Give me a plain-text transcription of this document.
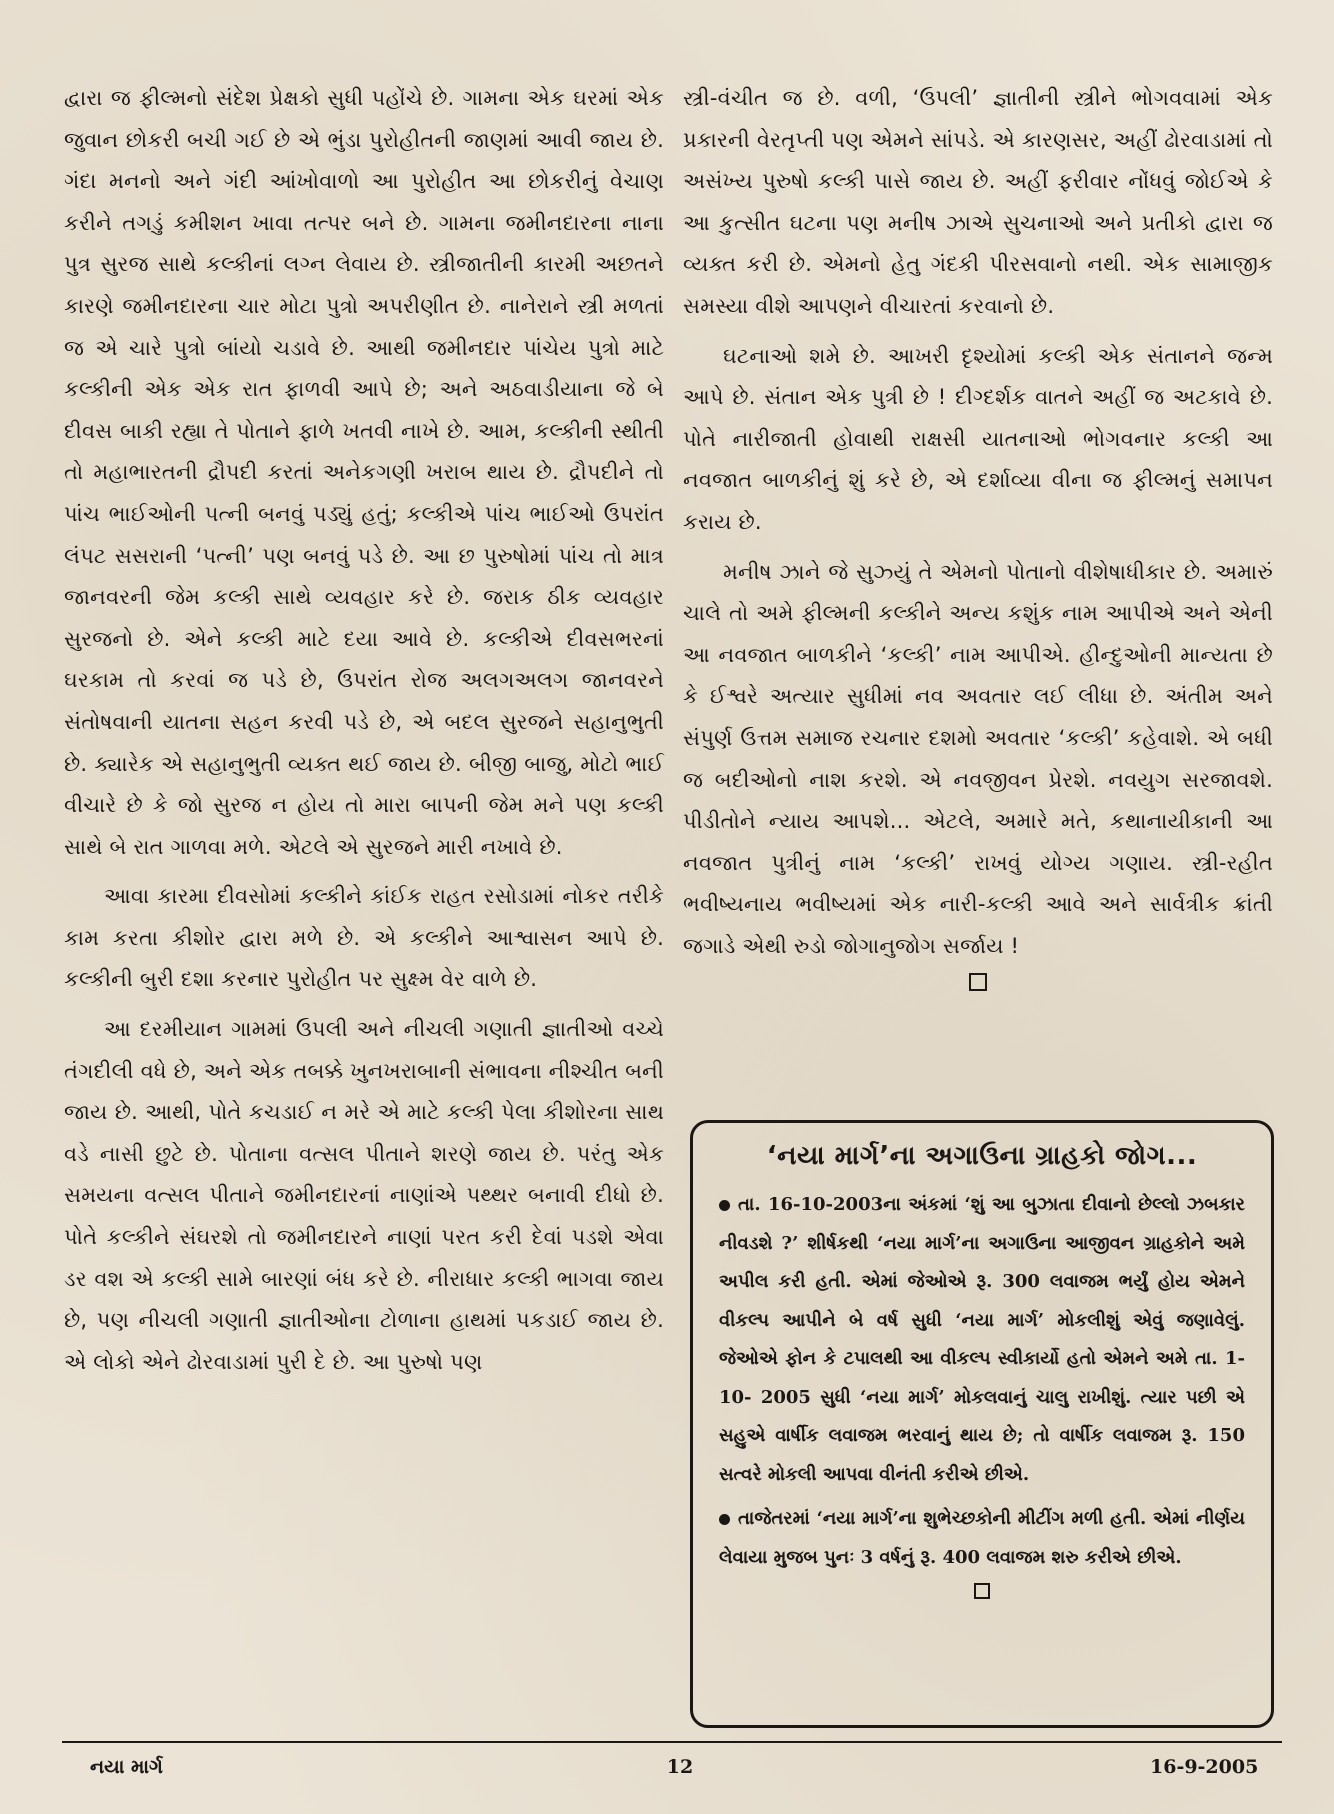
દ્વારા જ ફીલ્મનો સંદેશ પ્રેક્ષકો સુધી પહોંચે છે. ગામના એક ઘરમાં એક જુવાન છોકરી બચી ગઈ છે એ ભુંડા પુરોહીતની જાણમાં આવી જાય છે. ગંદા મનનો અને ગંદી આંખોવાળો આ પુરોહીત આ છોકરીનું વેચાણ કરીને તગડું કમીશન ખાવા તત્પર બને છે. ગામના જમીનદારના નાના પુત્ર સુરજ સાથે કલ્કીનાં લગ્ન લેવાય છે. સ્ત્રીજાતીની કારમી અછતને કારણે જમીનદારના ચાર મોટા પુત્રો અપરીણીત છે. નાનેરાને સ્ત્રી મળતાં જ એ ચારે પુત્રો બાંયો ચડાવે છે. આથી જમીનદાર પાંચેય પુત્રો માટે કલ્કીની એક એક રાત ફાળવી આપે છે; અને અઠવાડીયાના જે બે દીવસ બાકી રહ્યા તે પોતાને ફાળે ખતવી નાખે છે. આમ, કલ્કીની સ્થીતી તો મહાભારતની દ્રૌપદી કરતાં અનેકગણી ખરાબ થાય છે. દ્રૌપદીને તો પાંચ ભાઈઓની પત્ની બનવું પડ્યું હતું; કલ્કીએ પાંચ ભાઈઓ ઉપરાંત લંપટ સસરાની ‘પત્ની’ પણ બનવું પડે છે. આ છ પુરુષોમાં પાંચ તો માત્ર જાનવરની જેમ કલ્કી સાથે વ્યવહાર કરે છે. જરાક ઠીક વ્યવહાર સુરજનો છે. એને કલ્કી માટે દયા આવે છે. કલ્કીએ દીવસભરનાં ઘરકામ તો કરવાં જ પડે છે, ઉપરાંત રોજ અલગઅલગ જાનવરને સંતોષવાની યાતના સહન કરવી પડે છે, એ બદલ સુરજને સહાનુભુતી છે. ક્યારેક એ સહાનુભુતી વ્યક્ત થઈ જાય છે. બીજી બાજુ, મોટો ભાઈ વીચારે છે કે જો સુરજ ન હોય તો મારા બાપની જેમ મને પણ કલ્કી સાથે બે રાત ગાળવા મળે. એટલે એ સુરજને મારી નખાવે છે.

આવા કારમા દીવસોમાં કલ્કીને કાંઈક રાહત રસોડામાં નોકર તરીકે કામ કરતા કીશોર દ્વારા મળે છે. એ કલ્કીને આશ્વાસન આપે છે. કલ્કીની બુરી દશા કરનાર પુરોહીત પર સુક્ષ્મ વેર વાળે છે.

આ દરમીયાન ગામમાં ઉપલી અને નીચલી ગણાતી જ્ઞાતીઓ વચ્ચે તંગદીલી વધે છે, અને એક તબક્કે ખુનખરાબાની સંભાવના નીશ્ચીત બની જાય છે. આથી, પોતે કચડાઈ ન મરે એ માટે કલ્કી પેલા કીશોરના સાથ વડે નાસી છુટે છે. પોતાના વત્સલ પીતાને શરણે જાય છે. પરંતુ એક સમયના વત્સલ પીતાને જમીનદારનાં નાણાંએ પથ્થર બનાવી દીધો છે. પોતે કલ્કીને સંઘરશે તો જમીનદારને નાણાં પરત કરી દેવાં પડશે એવા ડર વશ એ કલ્કી સામે બારણાં બંધ કરે છે. નીરાધાર કલ્કી ભાગવા જાય છે, પણ નીચલી ગણાતી જ્ઞાતીઓના ટોળાના હાથમાં પકડાઈ જાય છે. એ લોકો એને ઢોરવાડામાં પુરી દે છે. આ પુરુષો પણ

સ્ત્રી-વંચીત જ છે. વળી, ‘ઉપલી’ જ્ઞાતીની સ્ત્રીને ભોગવવામાં એક પ્રકારની વેરતૃપ્તી પણ એમને સાંપડે. એ કારણસર, અહીં ઢોરવાડામાં તો અસંખ્ય પુરુષો કલ્કી પાસે જાય છે. અહીં ફરીવાર નોંધવું જોઈએ કે આ કુત્સીત ઘટના પણ મનીષ ઝાએ સુચનાઓ અને પ્રતીકો દ્વારા જ વ્યક્ત કરી છે. એમનો હેતુ ગંદકી પીરસવાનો નથી. એક સામાજીક સમસ્યા વીશે આપણને વીચારતાં કરવાનો છે.

ઘટનાઓ શમે છે. આખરી દૃશ્યોમાં કલ્કી એક સંતાનને જન્મ આપે છે. સંતાન એક પુત્રી છે ! દીગ્દર્શક વાતને અહીં જ અટકાવે છે. પોતે નારીજાતી હોવાથી રાક્ષસી યાતનાઓ ભોગવનાર કલ્કી આ નવજાત બાળકીનું શું કરે છે, એ દર્શાવ્યા વીના જ ફીલ્મનું સમાપન કરાય છે.

મનીષ ઝાને જે સુઝ્યું તે એમનો પોતાનો વીશેષાધીકાર છે. અમારું ચાલે તો અમે ફીલ્મની કલ્કીને અન્ય કશુંક નામ આપીએ અને એની આ નવજાત બાળકીને ‘કલ્કી’ નામ આપીએ. હીન્દુઓની માન્યતા છે કે ઈશ્વરે અત્યાર સુધીમાં નવ અવતાર લઈ લીધા છે. અંતીમ અને સંપુર્ણ ઉત્તમ સમાજ રચનાર દશમો અવતાર ‘કલ્કી’ કહેવાશે. એ બધી જ બદીઓનો નાશ કરશે. એ નવજીવન પ્રેરશે. નવયુગ સરજાવશે. પીડીતોને ન્યાય આપશે... એટલે, અમારે મતે, કથાનાયીકાની આ નવજાત પુત્રીનું નામ ‘કલ્કી’ રાખવું યોગ્ય ગણાય. સ્ત્રી-રહીત ભવીષ્યનાય ભવીષ્યમાં એક નારી-કલ્કી આવે અને સાર્વત્રીક ક્રાંતી જગાડે એથી રુડો જોગાનુજોગ સર્જાય !

‘નયા માર્ગ’ના અગાઉના ગ્રાહકો જોગ...

તા. 16-10-2003ના અંકમાં ‘શું આ બુઝાતા દીવાનો છેલ્લો ઝબકાર નીવડશે ?’ શીર્ષકથી ‘નયા માર્ગ’ના અગાઉના આજીવન ગ્રાહકોને અમે અપીલ કરી હતી. એમાં જેઓએ રૂ. 300 લવાજમ ભર્યું હોય એમને વીકલ્પ આપીને બે વર્ષ સુધી ‘નયા માર્ગ’ મોકલીશું એવું જણાવેલું. જેઓએ ફોન કે ટપાલથી આ વીકલ્પ સ્વીકાર્યો હતો એમને અમે તા. 1-10- 2005 સુધી ‘નયા માર્ગ’ મોકલવાનું ચાલુ રાખીશું. ત્યાર પછી એ સહુએ વાર્ષીક લવાજમ ભરવાનું થાય છે; તો વાર્ષીક લવાજમ રૂ. 150 સત્વરે મોકલી આપવા વીનંતી કરીએ છીએ.

તાજેતરમાં ‘નયા માર્ગ’ના શુભેચ્છકોની મીટીંગ મળી હતી. એમાં નીર્ણય લેવાયા મુજબ પુનઃ 3 વર્ષનું રૂ. 400 લવાજમ શરુ કરીએ છીએ.

નયા માર્ગ	12	16-9-2005
